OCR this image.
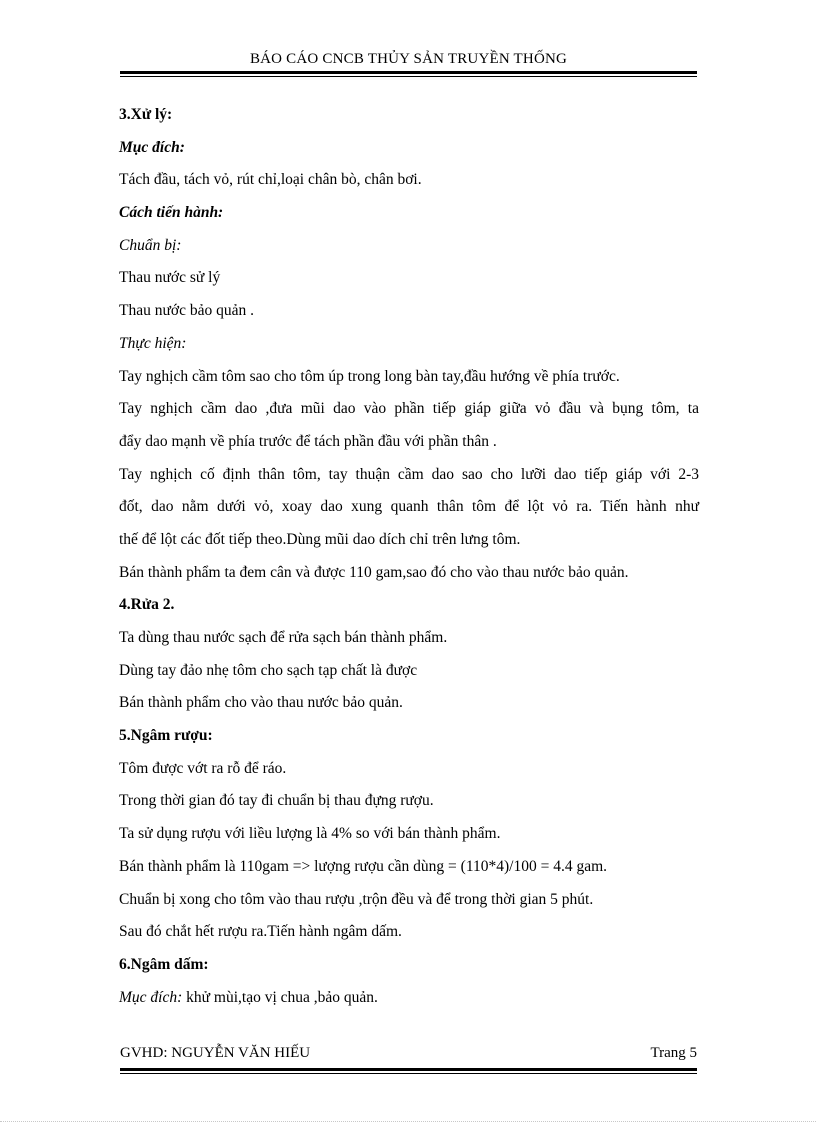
BÁO CÁO CNCB THỦY SẢN TRUYỀN THỐNG
3.Xử lý:
Mục đích:
Tách đầu, tách vỏ, rút chỉ,loại chân bò, chân bơi.
Cách tiến hành:
Chuẩn bị:
Thau nước sử lý
Thau nước bảo quản .
Thực hiện:
Tay nghịch cầm tôm sao cho tôm úp trong long bàn tay,đầu hướng về phía trước.
Tay nghịch cầm dao ,đưa mũi dao vào phần tiếp giáp giữa vỏ đầu và bụng tôm, ta
đẩy dao mạnh về phía trước để tách phần đầu với phần thân .
Tay nghịch cố định thân tôm, tay thuận cầm dao sao cho lưỡi dao tiếp giáp với 2-3
đốt, dao nằm dưới vỏ, xoay dao xung quanh thân tôm để lột vỏ ra. Tiến hành như
thế để lột các đốt tiếp theo.Dùng mũi dao dích chỉ trên lưng tôm.
Bán thành phẩm ta đem cân và được 110 gam,sao đó cho vào thau nước bảo quản.
4.Rửa 2.
Ta dùng thau nước sạch để rửa sạch bán thành phẩm.
Dùng tay đảo nhẹ tôm cho sạch tạp chất là được
Bán thành phẩm cho vào thau nước bảo quản.
5.Ngâm rượu:
Tôm được vớt ra rỗ để ráo.
Trong thời gian đó tay đi chuẩn bị thau đựng rượu.
Ta sử dụng rượu với liều lượng là 4% so với bán thành phẩm.
Bán thành phẩm là 110gam => lượng rượu cần dùng = (110*4)/100 = 4.4 gam.
Chuẩn bị xong cho tôm vào thau rượu ,trộn đều và để trong thời gian 5 phút.
Sau đó chắt hết rượu ra.Tiến hành ngâm dấm.
6.Ngâm dấm:
Mục đích: khử mùi,tạo vị chua ,bảo quản.
GVHD: NGUYỄN VĂN HIẾU	Trang 5
